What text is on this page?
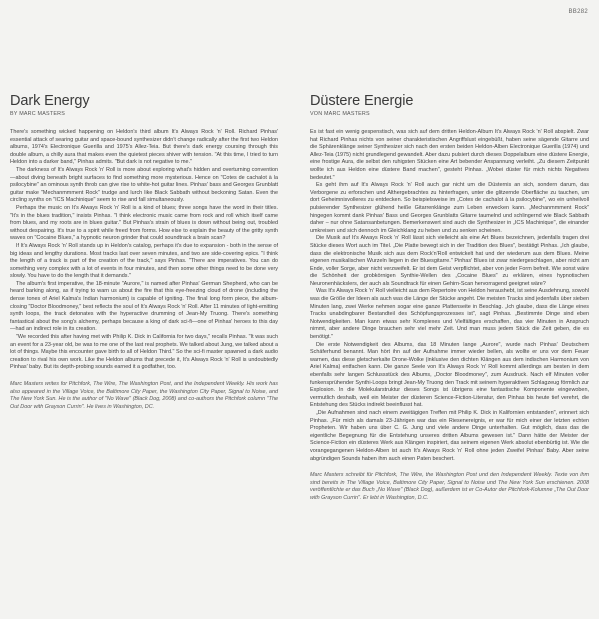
BB282
Dark Energy
BY MARC MASTERS

There's something wicked happening on Heldon's third album It's Always Rock 'n' Roll. Richard Pinhas' essential attack of searing guitar and space-bound synthesizer didn't change radically after the first two Heldon albums, 1974's Electronique Guerilla and 1975's Allez-Teia. But there's dark energy coursing through this double album, a chilly aura that makes even the quietest pieces shiver with tension. "At this time, I tried to turn Heldon into a darker band," Pinhas admits. "But dark is not negative to me."

The darkness of It's Always Rock 'n' Roll is more about exploring what's hidden and overturning convention—about diving beneath bright surfaces to find something more mysterious. Hence on "Cotes de cachalot à la psilocybine" an ominous synth throb can give rise to white-hot guitar lines. Pinhas' bass and Georges Grunblatt guitar make "Mechanmmment Rock" trudge and lurch like Black Sabbath without beckoning Satan. Even the circling synths on "ICS Machinique" seem to rise and fall simultaneously.

Perhaps the music on It's Always Rock 'n' Roll is a kind of blues; three songs have the word in their titles. "It's in the blues tradition," insists Pinhas. "I think electronic music came from rock and roll which itself came from blues, and my roots are in blues guitar." But Pinhas's strain of blues is down without being out, troubled without despairing. It's true to a spirit while freed from forms. How else to explain the beauty of the gritty synth waves on "Cocaine Blues," a hypnotic neuron grinder that could soundtrack a brain scan?

If It's Always Rock 'n' Roll stands up in Heldon's catalog, perhaps it's due to expansion - both in the sense of big ideas and lengthy durations. Most tracks last over seven minutes, and two are side-covering epics. "I think the length of a track is part of the creation of the track," says Pinhas. "There are imperatives. You can do something very complex with a lot of events in four minutes, and then some other things need to be done very slowly. You have to do the length that it demands."

The album's first imperative, the 18-minute "Aurore," is named after Pinhas' German Shepherd, who can be heard barking along, as if trying to warn us about the fire that this eye-freezing cloud of drone (including the dense tones of Ariel Kalma's Indian harmonium) is capable of igniting. The final long form piece, the album-closing "Doctor Bloodmoney," best reflects the soul of It's Always Rock 'n' Roll. After 11 minutes of light-emitting synth loops, the track detonates with the hyperactive drumming of Jean-My Truong. There's something fantastical about the song's alchemy, perhaps because a king of dark sci-fi—one of Pinhas' heroes to this day—had an indirect role in its creation.

"We recorded this after having met with Philip K. Dick in California for two days," recalls Pinhas. "It was such an event for a 23-year old, be was to me one of the last real prophets. We talked about Jung, we talked about a lot of things. Maybe this encounter gave birth to all of Heldon Third." So the sci-fi master spawned a dark audio creation to rival his own work. Like the Heldon albums that precede it, It's Always Rock 'n' Roll is undoubtedly Pinhas' baby. But its depth-probing sounds earned it a godfather, too.

Marc Masters writes for Pitchfork, The Wire, The Washington Post, and the Independent Weekly. His work has also appeared in the Village Voice, the Baltimore City Paper, the Washington City Paper, Signal to Noise, and The New York Sun. He is the author of "No Wave" (Black Dog, 2008) and co-authors the Pitchfork column "The Out Door with Grayson Currin". He lives in Washington, DC.

Düstere Energie
VON MARC MASTERS

Es ist fast ein wenig gespenstisch, was sich auf dem dritten Heldon-Album It's Always Rock 'n' Roll abspielt. Zwar hat Richard Pinhas nichts von seiner charakteristischen Angriffslust eingebüßt, haben seine sägende Gitarre und die Sphärenklänge seiner Synthesizer sich nach den ersten beiden Heldon-Alben Electronique Guerilla (1974) und Allez-Teia (1975) nicht grundlegend gewandelt. Aber dazu pulsiert durch dieses Doppelalbum eine düstere Energie, eine frostige Aura, die selbst den ruhigsten Stücken eine Art bebender Anspannung verleiht. „Zu diesem Zeitpunkt wollte ich aus Heldon eine düstere Band machen", gesteht Pinhas. „Wobei düster für mich nichts Negatives bedeutet."

Es geht ihm auf It's Always Rock 'n' Roll auch gar nicht um die Düsternis an sich, sondern darum, das Verborgene zu erforschen und Althergebrachtes zu hinterfragen, unter die glitzernde Oberfläche zu tauchen, um dort Geheimnisvolleres zu entdecken. So beispielsweise im „Cotes de cachalot à la psilocybine", wo ein unheilvoll pulsierender Synthesizer glühend heiße Gitarrenklänge zum Leben erwecken kann. „Mechanmmment Rock" hingegen kommt dank Pinhas' Bass und Georges Grunblatts Gitarre taumelnd und schlingernd wie Black Sabbath daher – nur ohne Satansanbetungen. Bemerkenswert sind auch die Synthesizer in „ICS Machinique", die einander umkreisen und sich dennoch im Gleichklang zu heben und zu senken scheinen.

Die Musik auf It's Always Rock 'n' Roll lässt sich vielleicht als eine Art Blues bezeichnen, jedenfalls tragen drei Stücke dieses Wort auch im Titel. „Die Platte bewegt sich in der Tradition des Blues", bestätigt Pinhas. „Ich glaube, dass die elektronische Musik sich aus dem Rock'n'Roll entwickelt hat und der wiederum aus dem Blues. Meine eigenen musikalischen Wurzeln liegen in der Bluesgitarre." Pinhas' Blues ist zwar niedergeschlagen, aber nicht am Ende, voller Sorge, aber nicht verzweifelt. Er ist dem Geist verpflichtet, aber von jeder Form befreit. Wie sonst wäre die Schönheit der grobkörnigen Synthie-Wellen des „Cocaine Blues" zu erklären, eines hypnotischen Neuronenhäckslers, der auch als Soundtrack für einen Gehirn-Scan hervorragend geeignet wäre?

Was It's Always Rock 'n' Roll vielleicht aus dem Repertoire von Heldon heraushebt, ist seine Ausdehnung, sowohl was die Größe der Ideen als auch was die Länge der Stücke angeht. Die meisten Tracks sind jedenfalls über sieben Minuten lang, zwei Werke nehmen sogar eine ganze Plattenseite in Beschlag. „Ich glaube, dass die Länge eines Tracks unabdingbarer Bestandteil des Schöpfungsprozesses ist", sagt Pinhas. „Bestimmte Dinge sind eben Notwendigkeiten. Man kann etwas sehr Komplexes und Vielfältiges erschaffen, das vier Minuten in Anspruch nimmt, aber andere Dinge brauchen sehr viel mehr Zeit. Und man muss jedem Stück die Zeit geben, die es benötigt."

Die erste Notwendigkeit des Albums, das 18 Minuten lange „Aurore", wurde nach Pinhas' Deutschem Schäferhund benannt. Man hört ihn auf der Aufnahme immer wieder bellen, als wollte er uns vor dem Feuer warnen, das diese gletscherkalte Drone-Wolke (inklusive den dichten Klängen aus dem indischen Harmonium von Ariel Kalma) entfachen kann. Die ganze Seele von It's Always Rock 'n' Roll kommt allerdings am besten in dem ebenfalls sehr langen Schlussstück des Albums, „Doctor Bloodmoney", zum Ausdruck. Nach elf Minuten voller funkensprühender Synthi-Loops bringt Jean-My Truong den Track mit seinem hyperaktiven Schlagzeug förmlich zur Explosion. In die Molekularstruktur dieses Songs ist übrigens eine fantastische Komponente eingewoben, vermutlich deshalb, weil ein Meister der düsteren Science-Fiction-Literatur, den Pinhas bis heute tief verehrt, die Entstehung des Stücks indirekt beeinflusst hat.

„Die Aufnahmen sind nach einem zweitägigen Treffen mit Philip K. Dick in Kalifornien entstanden", erinnert sich Pinhas. „Für mich als damals 23-Jährigen war das ein Riesenereignis, er war für mich einer der letzten echten Propheten. Wir haben uns über C. G. Jung und viele andere Dinge unterhalten. Gut möglich, dass das die eigentliche Begegnung für die Entstehung unseres dritten Albums gewesen ist." Dann hätte der Meister der Science-Fiction ein düsteres Werk aus Klängen inspiriert, das seinem eigenen Werk absolut ebenbürtig ist. Wie die vorangegangenen Heldon-Alben ist auch It's Always Rock 'n' Roll ohne jeden Zweifel Pinhas' Baby. Aber seine abgründigen Sounds haben ihm auch einen Paten beschert.

Marc Masters schreibt für Pitchfork, The Wire, the Washington Post und den Independent Weekly. Texte von ihm sind bereits in The Village Voice, Baltimore City Paper, Signal to Noise und The New York Sun erschienen. 2008 veröffentlichte er das Buch „No Wave" (Black Dog), außerdem ist er Co-Autor der Pitchfork-Kolumne „The Out Door with Grayson Currin". Er lebt in Washington, D.C.
